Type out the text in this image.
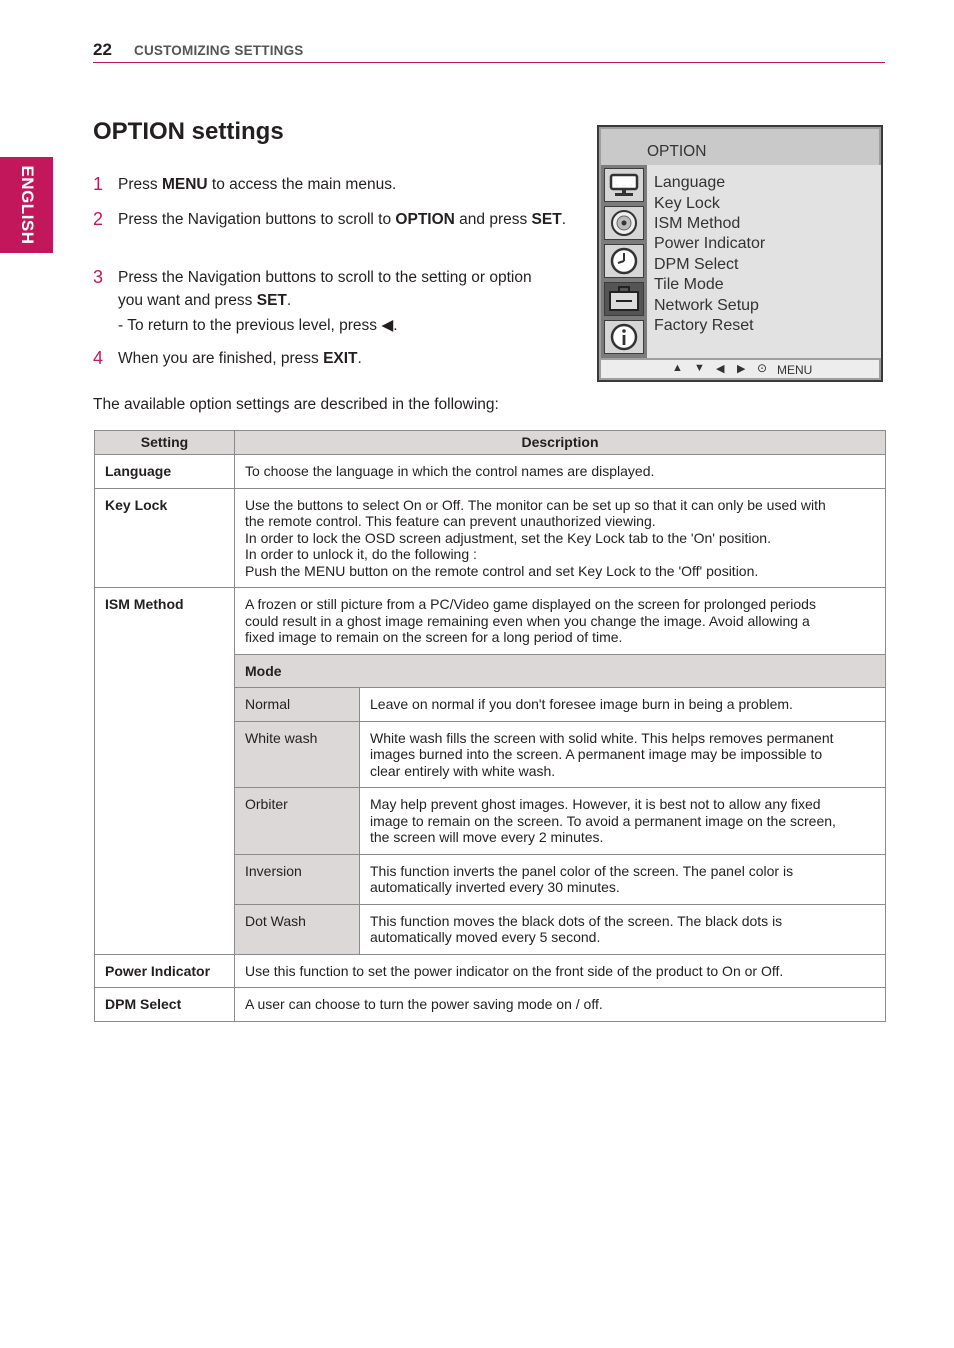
22 CUSTOMIZING SETTINGS
ENGLISH
OPTION settings
1 Press MENU to access the main menus.
2 Press the Navigation buttons to scroll to OPTION and press SET.
3 Press the Navigation buttons to scroll to the setting or option you want and press SET.
- To return to the previous level, press ◀.
4 When you are finished, press EXIT.
The available option settings are described in the following:
OPTION
Language
Key Lock
ISM Method
Power Indicator
DPM Select
Tile Mode
Network Setup
Factory Reset
▲ ▼ ◀ ▶ ⊙ MENU
Setting	Description	
Language	To choose the language in which the control names are displayed.	
Key Lock	Use the buttons to select On or Off. The monitor can be set up so that it can only be used with
the remote control. This feature can prevent unauthorized viewing.
In order to lock the OSD screen adjustment, set the Key Lock tab to the 'On' position.
In order to unlock it, do the following :
Push the MENU button on the remote control and set Key Lock to the 'Off' position.	

ISM Method	A frozen or still picture from a PC/Video game displayed on the screen for prolonged periods
could result in a ghost image remaining even when you change the image. Avoid allowing a
fixed image to remain on the screen for a long period of time.	

	Mode	
	Normal	Leave on normal if you don't foresee image burn in being a problem.

	White wash	White wash fills the screen with solid white. This helps removes permanent
images burned into the screen. A permanent image may be impossible to
clear entirely with white wash.

	Orbiter	May help prevent ghost images. However, it is best not to allow any fixed
image to remain on the screen. To avoid a permanent image on the screen,
the screen will move every 2 minutes.

	Inversion	This function inverts the panel color of the screen. The panel color is
automatically inverted every 30 minutes.

	Dot Wash	This function moves the black dots of the screen. The black dots is
automatically moved every 5 second.

Power Indicator	Use this function to set the power indicator on the front side of the product to On or Off.	
DPM Select	A user can choose to turn the power saving mode on / off.	
